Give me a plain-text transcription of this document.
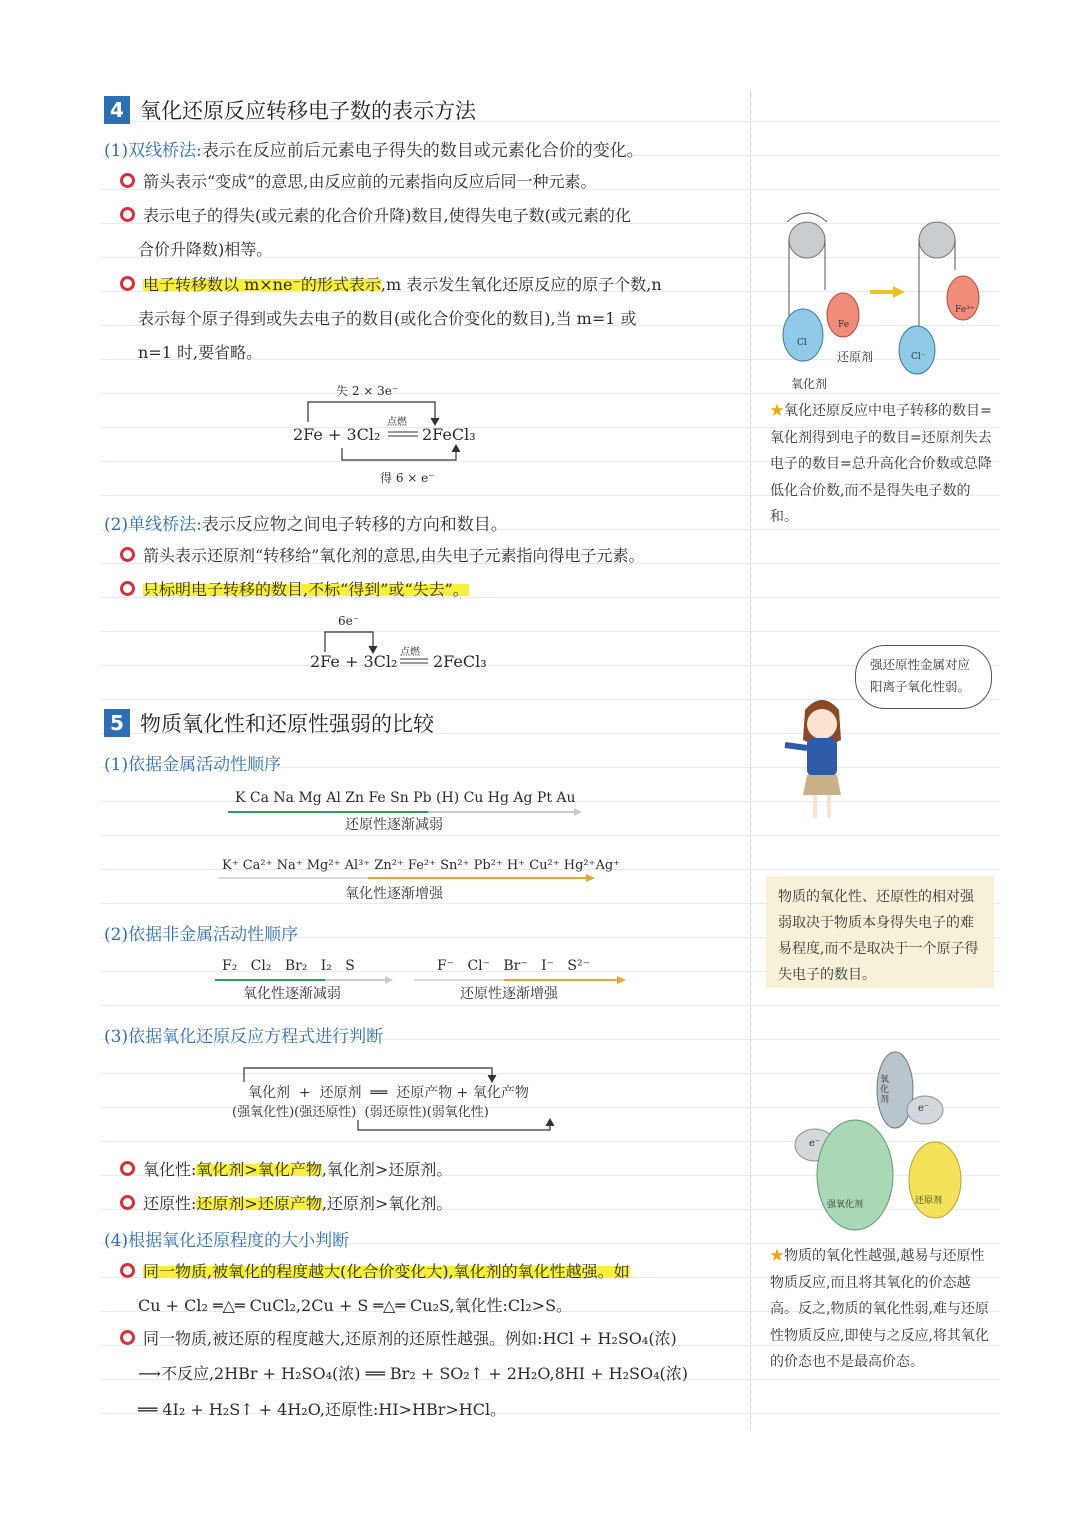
4 氧化还原反应转移电子数的表示方法
(1)双线桥法:表示在反应前后元素电子得失的数目或元素化合价的变化。
箭头表示“变成”的意思,由反应前的元素指向反应后同一种元素。
表示电子的得失(或元素的化合价升降)数目,使得失电子数(或元素的化
合价升降数)相等。
电子转移数以 m×ne⁻的形式表示,m 表示发生氧化还原反应的原子个数,n
表示每个原子得到或失去电子的数目(或化合价变化的数目),当 m=1 或
n=1 时,要省略。
失 2 × 3e⁻
2Fe + 3Cl₂
点燃
2FeCl₃
得 6 × e⁻
(2)单线桥法:表示反应物之间电子转移的方向和数目。
箭头表示还原剂“转移给”氧化剂的意思,由失电子元素指向得电子元素。
只标明电子转移的数目,不标“得到”或“失去”。
6e⁻
2Fe + 3Cl₂ 点燃 2FeCl₃
5 物质氧化性和还原性强弱的比较
(1)依据金属活动性顺序
K Ca Na Mg Al Zn Fe Sn Pb (H) Cu Hg Ag Pt Au
还原性逐渐减弱
K⁺ Ca²⁺ Na⁺ Mg²⁺ Al³⁺ Zn²⁺ Fe²⁺ Sn²⁺ Pb²⁺ H⁺ Cu²⁺ Hg²⁺Ag⁺
氧化性逐渐增强
(2)依据非金属活动性顺序
F₂   Cl₂   Br₂   I₂   S
氧化性逐渐减弱
F⁻   Cl⁻   Br⁻   I⁻   S²⁻
还原性逐渐增强
(3)依据氧化还原反应方程式进行判断
氧化剂  +  还原剂  ══  还原产物 + 氧化产物
(强氧化性)(强还原性)  (弱还原性)(弱氧化性)
氧化性:氧化剂>氧化产物,氧化剂>还原剂。
还原性:还原剂>还原产物,还原剂>氧化剂。
(4)根据氧化还原程度的大小判断
同一物质,被氧化的程度越大(化合价变化大),氧化剂的氧化性越强。如
Cu + Cl₂ ═△═ CuCl₂,2Cu + S ═△═ Cu₂S,氧化性:Cl₂>S。
同一物质,被还原的程度越大,还原剂的还原性越强。例如:HCl + H₂SO₄(浓)
⟶不反应,2HBr + H₂SO₄(浓) ══ Br₂ + SO₂↑ + 2H₂O,8HI + H₂SO₄(浓)
══ 4I₂ + H₂S↑ + 4H₂O,还原性:HI>HBr>HCl。
Cl
Fe
Cl⁻
Fe³⁺
还原剂
氧化剂
★氧化还原反应中电子转移的数目=氧化剂得到电子的数目=还原剂失去电子的数目=总升高化合价数或总降低化合价数,而不是得失电子数的和。
强还原性金属对应阳离子氧化性弱。

物质的氧化性、还原性的相对强弱取决于物质本身得失电子的难易程度,而不是取决于一个原子得失电子的数目。

氧化剂
e⁻
e⁻
强氧化剂	还原剂
★物质的氧化性越强,越易与还原性物质反应,而且将其氧化的价态越高。反之,物质的氧化性弱,难与还原性物质反应,即使与之反应,将其氧化的价态也不是最高价态。
